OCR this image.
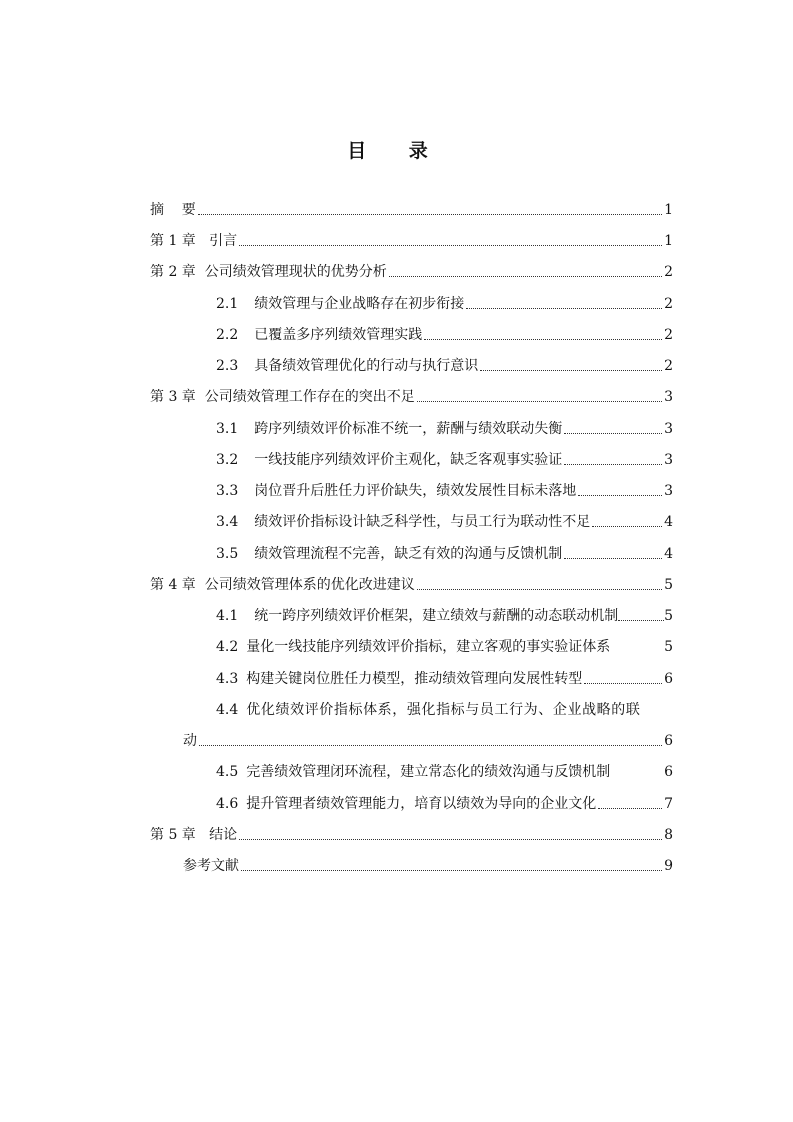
目 录
摘    要	1
第 1 章   引言	1
第 2 章  公司绩效管理现状的优势分析	2
2.1 绩效管理与企业战略存在初步衔接	2
2.2 已覆盖多序列绩效管理实践	2
2.3 具备绩效管理优化的行动与执行意识	2
第 3 章  公司绩效管理工作存在的突出不足	3
3.1 跨序列绩效评价标准不统一，薪酬与绩效联动失衡	3
3.2 一线技能序列绩效评价主观化，缺乏客观事实验证	3
3.3 岗位晋升后胜任力评价缺失，绩效发展性目标未落地	3
3.4 绩效评价指标设计缺乏科学性，与员工行为联动性不足	4
3.5 绩效管理流程不完善，缺乏有效的沟通与反馈机制	4
第 4 章  公司绩效管理体系的优化改进建议	5
4.1 统一跨序列绩效评价框架，建立绩效与薪酬的动态联动机制	5
4.2 量化一线技能序列绩效评价指标，建立客观的事实验证体系	5
4.3 构建关键岗位胜任力模型，推动绩效管理向发展性转型	6
4.4 优化绩效评价指标体系，强化指标与员工行为、企业战略的联
动	6
4.5 完善绩效管理闭环流程，建立常态化的绩效沟通与反馈机制	6
4.6 提升管理者绩效管理能力，培育以绩效为导向的企业文化	7
第 5 章   结论	8
参考文献	9
